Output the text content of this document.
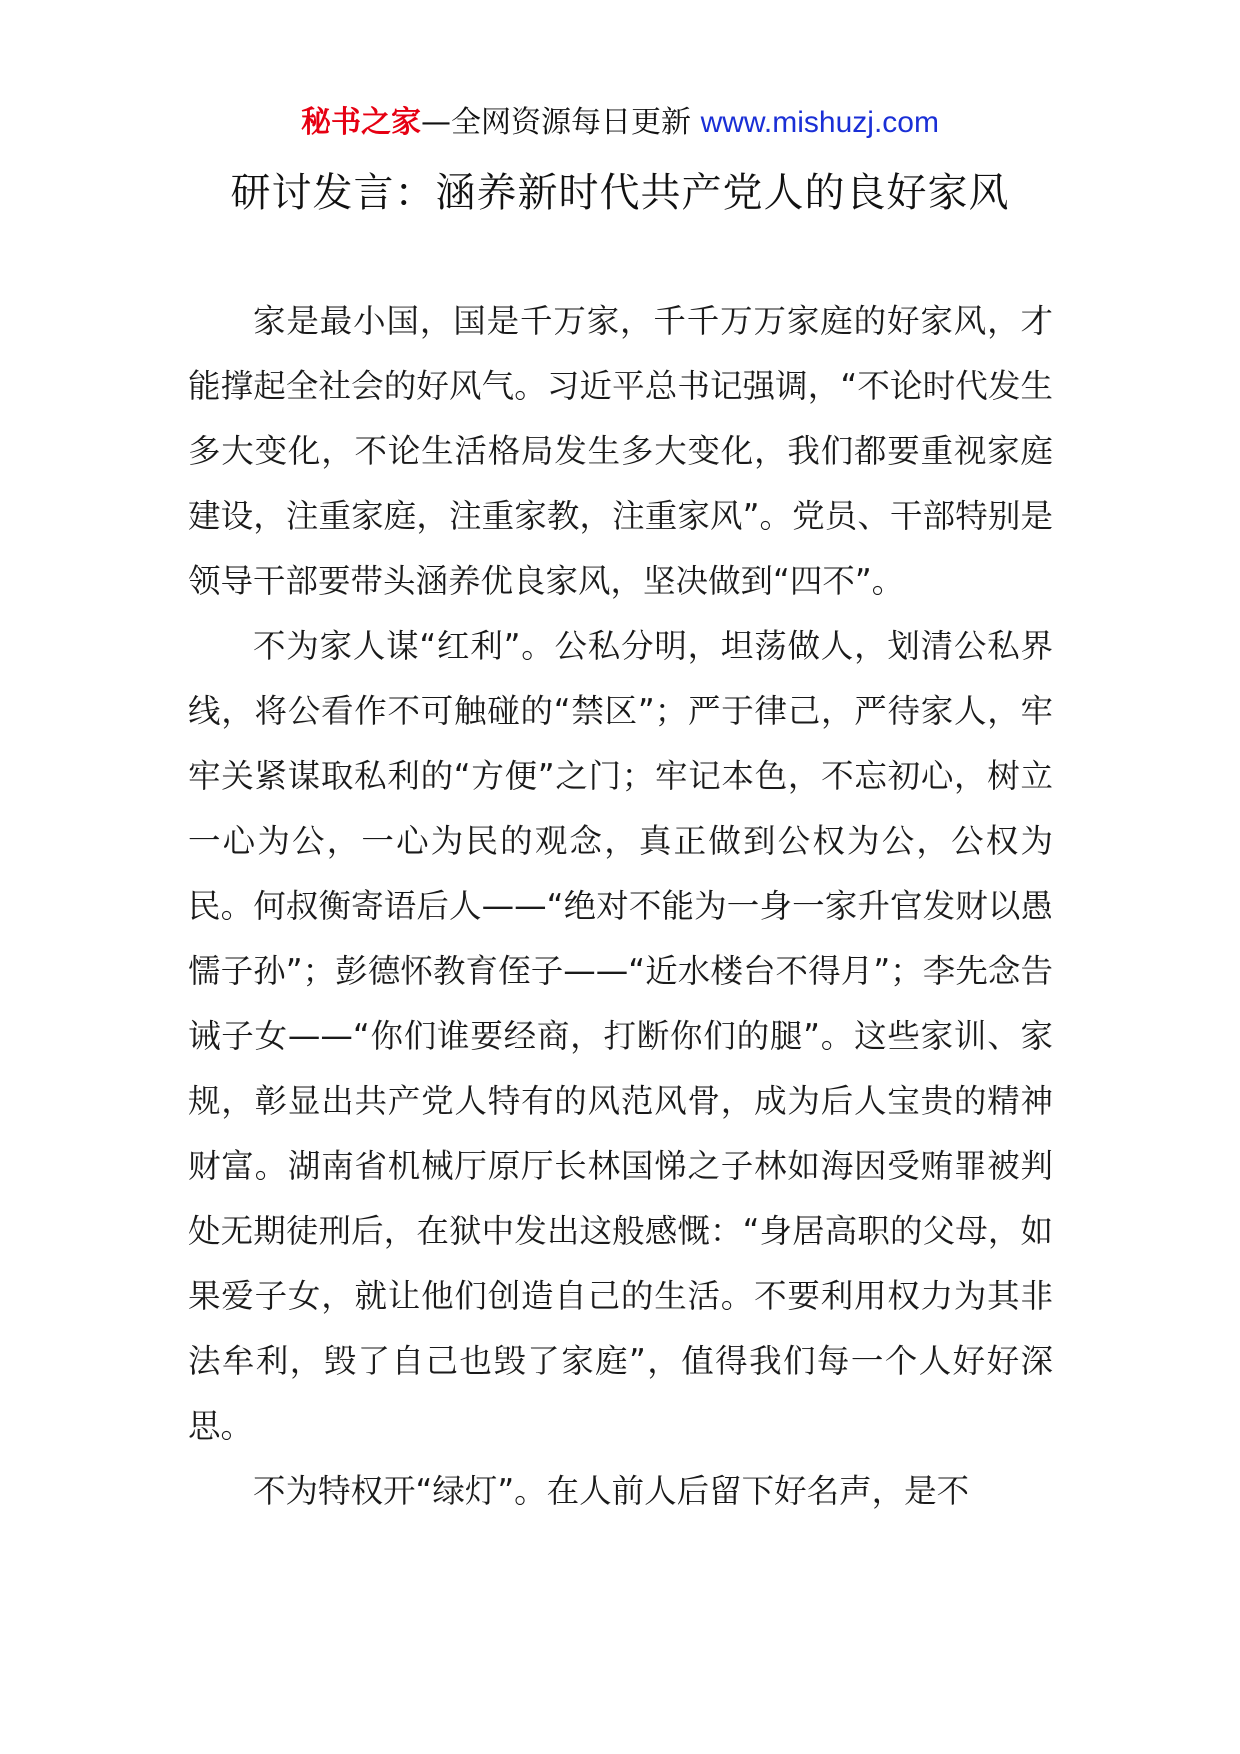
秘书之家—全网资源每日更新 www.mishuzj.com
研讨发言：涵养新时代共产党人的良好家风

家是最小国，国是千万家，千千万万家庭的好家风，才能撑起全社会的好风气。习近平总书记强调，“不论时代发生多大变化，不论生活格局发生多大变化，我们都要重视家庭建设，注重家庭，注重家教，注重家风”。党员、干部特别是领导干部要带头涵养优良家风，坚决做到“四不”。

不为家人谋“红利”。公私分明，坦荡做人，划清公私界线，将公看作不可触碰的“禁区”；严于律己，严待家人，牢牢关紧谋取私利的“方便”之门；牢记本色，不忘初心，树立一心为公，一心为民的观念，真正做到公权为公，公权为民。何叔衡寄语后人——“绝对不能为一身一家升官发财以愚懦子孙”；彭德怀教育侄子——“近水楼台不得月”；李先念告诫子女——“你们谁要经商，打断你们的腿”。这些家训、家规，彰显出共产党人特有的风范风骨，成为后人宝贵的精神财富。湖南省机械厅原厅长林国悌之子林如海因受贿罪被判处无期徒刑后，在狱中发出这般感慨：“身居高职的父母，如果爱子女，就让他们创造自己的生活。不要利用权力为其非法牟利，毁了自己也毁了家庭”，值得我们每一个人好好深思。

不为特权开“绿灯”。在人前人后留下好名声，是不
